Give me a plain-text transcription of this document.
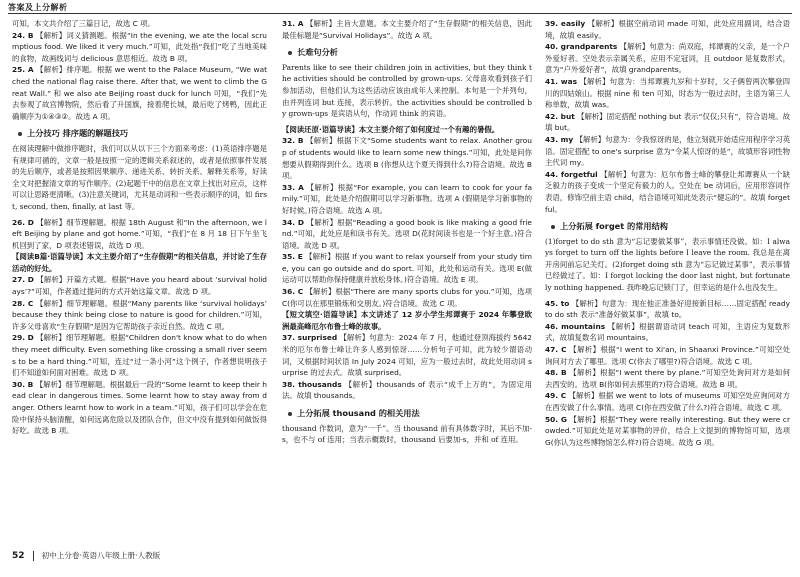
答案及上分解析

可知，本文共介绍了三篇日记，故选 C 项。

24. B 【解析】词义猜测题。根据“In the evening, we ate the local scrumptious food. We liked it very much.”可知，此处指“我们”吃了当地美味的食物，故画线词与 delicious 意思相近。故选 B 项。

25. A 【解析】排序题。根据 we went to the Palace Museum, “We watched the national flag raise there. After that, we went to climb the Great Wall.” 和 we also ate Beijing roast duck for lunch 可知，“我们”先去参观了故宫博物院，然后看了升国旗，接着爬长城，最后吃了烤鸭，因此正确顺序为①④③②。故选 A 项。

上分技巧 排序题的解题技巧

在阅读理解中做排序题时，我们可以从以下三个方面来考虑：(1)英语排序题是有规律可循的，文章一般是按照一定的逻辑关系叙述的，或者是依照事件发展的先后顺序，或者是按照因果顺序、递进关系、转折关系、解释关系等，好读全文对把握清文章的写作顺序。(2)起题干中的信息在文章上找出对应点，这样可以让思路更清晰。(3)注意关键词，尤其是动词和一些表示顺序的词，如 first, second, then, finally, at last 等。

26. D 【解析】细节理解题。根据 18th August 和“In the afternoon, we left Beijing by plane and got home.”可知，“我们”在 8 月 18 日下午坐飞机回到了家，D 项表述错误，故选 D 项。

【阅读B篇·语篇导读】本文主要介绍了“生存假期”的相关信息，并讨论了生存活动的好处。

27. D 【解析】开篇方式题。根据“Have you heard about ‘survival holidays’?”可知，作者通过提问的方式开始这篇文章。故选 D 项。

28. C 【解析】细节理解题。根据“Many parents like ‘survival holidays’ because they think being close to nature is good for children.”可知，许多父母喜欢“生存假期”是因为它帮助孩子亲近自然。故选 C 项。

29. D 【解析】细节理解题。根据“Children don't know what to do when they meet difficulty. Even something like crossing a small river seems to be a hard thing.”可知，连过“过一条小河”这个例子，作者想说明孩子们不知道如何面对困难。故选 D 项。

30. B 【解析】细节理解题。根据最后一段的“Some learnt to keep their head clear in dangerous times. Some learnt how to stay away from danger. Others learnt how to work in a team.”可知，孩子们可以学会在危险中保持头脑清醒，如何远离危险以及团队合作，但文中没有提到如何做饭得好吃。故选 B 项。

31. A 【解析】主旨大意题。本文主要介绍了“生存假期”的相关信息，因此最佳标题是“Survival Holidays”。故选 A 项。

长难句分析

Parents like to see their children join in activities, but they think the activities should be controlled by grown-ups. 父母喜欢看到孩子们参加活动，但他们认为这些活动应该由成年人来控制。本句是一个并列句，由并列连词 but 连接，表示转折。the activities should be controlled by grown-ups 是宾语从句，作动词 think 的宾语。

【阅读还原·语篇导读】本文主要介绍了如何度过一个有趣的暑假。

32. B 【解析】根据下文“Some students want to relax. Another group of students would like to learn some new things.”可知，此处是问你想要从假期得到什么。选项 B (你想从这个夏天得到什么?)符合语境。故选 B 项。

33. A 【解析】根据“For example, you can learn to cook for your family.”可知，此处是介绍假期可以学习新事物。选项 A (假期是学习新事物的好时候。)符合语境。故选 A 项。

34. D 【解析】根据“Reading a good book is like making a good friend.”可知，此处应是和读书有关。选项 D(花时间读书也是一个好主意。)符合语境。故选 D 项。

35. E 【解析】根据 If you want to relax yourself from your study time, you can go outside and do sport. 可知，此处和运动有关。选项 E(做运动可以帮助你保持健康并放松身体。)符合语境。故选 E 项。

36. C 【解析】根据“There are many sports clubs for you.”可知，选项 C(你可以在那里锻炼和交朋友。)符合语境。故选 C 项。

【短文填空·语篇导读】本文讲述了 12 岁小学生邦谭赛于 2024 年攀登欧洲最高峰厄尔布鲁士峰的故事。

37. surprised 【解析】句意为：2024 年 7 月，他通过登顶海拔约 5642 米的厄尔布鲁士峰让许多人感到惊讶……分析句子可知，此为较少谓语动词，又根据时间状语 In July 2024 可知，应为一般过去时，故此处用动词 surprise 的过去式。故填 surprised。

38. thousands 【解析】thousands of 表示“成千上万的”，为固定用法。故填 thousands。

上分拓展 thousand 的相关用法

thousand 作数词，意为“一千”。当 thousand 前有具体数字时，其后不加-s，也不与 of 连用；当表示概数时，thousand 后要加-s，并和 of 连用。

39. easily 【解析】根据空前动词 made 可知，此处应用副词，结合语境，故填 easily。

40. grandparents 【解析】句意为：尚双庭，邦谭赛的父亲，是一个户外爱好者。空处表示亲属关系，应用不定冠词，且 outdoor 是复数形式，意为“户外爱好者”，故填 grandparents。

41. was 【解析】句意为：当邦谭赛九岁和十岁时，父子俩曾两次攀登四川的四姑娘山。根据 nine 和 ten 可知，时态为一般过去时，主语为第三人称单数，故填 was。

42. but 【解析】固定搭配 nothing but 表示“仅仅;只有”，符合语境。故填 but。

43. my 【解析】句意为：令我惊讶的是，他立刻就开始适应用程序学习英语。固定搭配 to one's surprise 意为“令某人惊讶的是”，故填形容词性物主代词 my。

44. forgetful 【解析】句意为：厄尔布鲁士峰的攀登让邦谭赛从一个缺乏毅力的孩子变成一个坚定有毅力的人。空处在 be 动词后，应用形容词作表语，修饰空前主语 child，结合语境可知此处表示“健忘的”。故填 forgetful。

上分拓展 forget 的常用结构

(1)forget to do sth 意为“忘记要做某事”，表示事情还没做。如：I always forget to turn off the lights before I leave the room. 我总是在离开房间前忘记关灯。(2)forget doing sth 意为“忘记做过某事”，表示事情已经做过了。如：I forgot locking the door last night, but fortunately nothing happened. 我昨晚忘记锁门了，但幸运的是什么也没发生。

45. to 【解析】句意为：现在他正准备好迎接新目标……固定搭配 ready to do sth 表示“准备好做某事”，故填 to。

46. mountains 【解析】根据谓语动词 teach 可知，主语应为复数形式，故填复数名词 mountains。

47. C 【解析】根据“I went to Xi'an, in Shaanxi Province.”可知空处询问对方去了哪里。选项 C(你去了哪里?)符合语境。故选 C 项。

48. B 【解析】根据“I went there by plane.”可知空处询问对方是如何去西安的。选项 B(你如何去那里的?)符合语境。故选 B 项。

49. C 【解析】根据 we went to lots of museums 可知空处应询问对方在西安做了什么事情。选项 C(你在西安做了什么?)符合语境。故选 C 项。

50. G 【解析】根据“They were really interesting. But they were crowded.”可知此处是对某事物的评价，结合上文提到的博物馆可知，选项 G(你认为这些博物馆怎么样?)符合语境。故选 G 项。

52 初中上分卷·英语八年级上册·人教版
